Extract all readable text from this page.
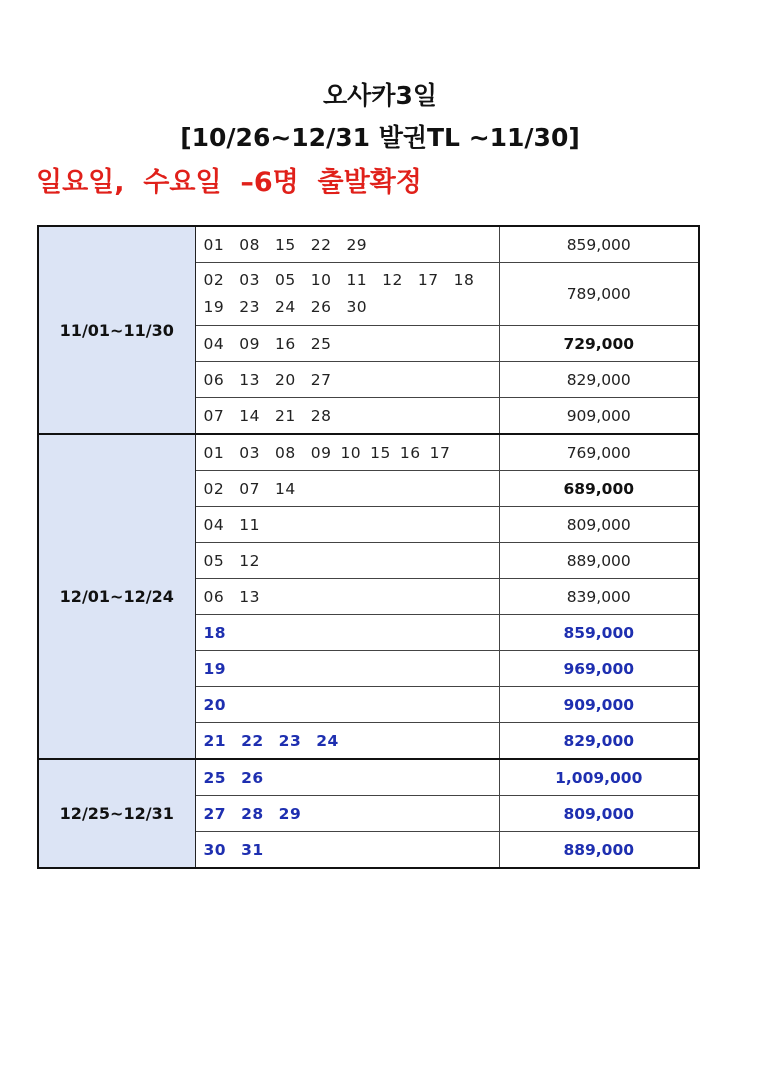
오사카3일
[10/26~12/31 발권TL ~11/30]
일요일,  수요일  –6명  출발확정
11/01~11/30	01 08 15 22 29	859,000

	02 03 05 10 11 12 17 18
19 23 24 26 30	789,000
	04 09 16 25	729,000
	06 13 20 27	829,000
	07 14 21 28	909,000
12/01~12/24	01 03 08 09 10 15 16 17	769,000
	02 07 14	689,000
	04 11	809,000
	05 12	889,000
	06 13	839,000
	18	859,000
	19	969,000
	20	909,000
	21 22 23 24	829,000
12/25~12/31	25 26	1,009,000
	27 28 29	809,000
	30 31	889,000
